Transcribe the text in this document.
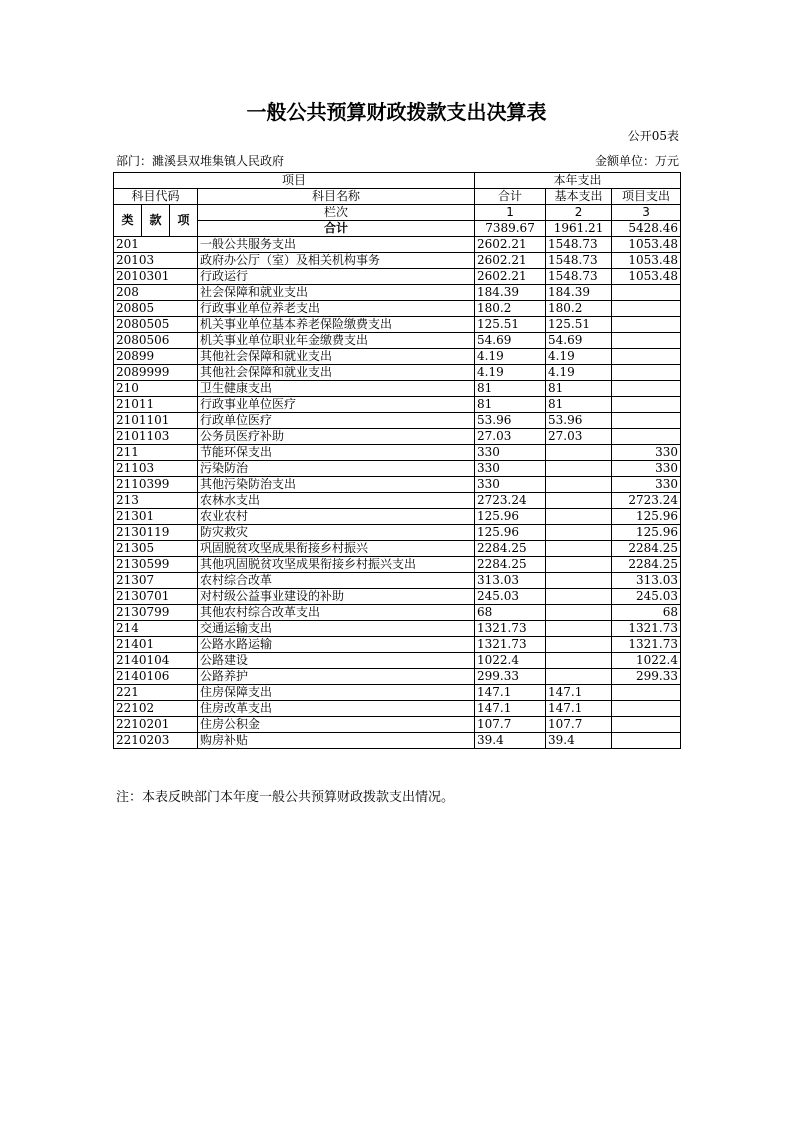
一般公共预算财政拨款支出决算表
公开05表
部门：濉溪县双堆集镇人民政府	金额单位：万元
项目				本年支出		
科目代码			科目名称	合计	基本支出	项目支出
类	款	项	栏次	1	2	3
			合计	7389.67	1961.21	5428.46
201			一般公共服务支出	2602.21	1548.73	1053.48
20103			政府办公厅（室）及相关机构事务	2602.21	1548.73	1053.48
2010301			行政运行	2602.21	1548.73	1053.48
208			社会保障和就业支出	184.39	184.39	
20805			行政事业单位养老支出	180.2	180.2	
2080505			机关事业单位基本养老保险缴费支出	125.51	125.51	
2080506			机关事业单位职业年金缴费支出	54.69	54.69	
20899			其他社会保障和就业支出	4.19	4.19	
2089999			其他社会保障和就业支出	4.19	4.19	
210			卫生健康支出	81	81	
21011			行政事业单位医疗	81	81	
2101101			行政单位医疗	53.96	53.96	
2101103			公务员医疗补助	27.03	27.03	
211			节能环保支出	330		330
21103			污染防治	330		330
2110399			其他污染防治支出	330		330
213			农林水支出	2723.24		2723.24
21301			农业农村	125.96		125.96
2130119			防灾救灾	125.96		125.96
21305			巩固脱贫攻坚成果衔接乡村振兴	2284.25		2284.25
2130599			其他巩固脱贫攻坚成果衔接乡村振兴支出	2284.25		2284.25
21307			农村综合改革	313.03		313.03
2130701			对村级公益事业建设的补助	245.03		245.03
2130799			其他农村综合改革支出	68		68
214			交通运输支出	1321.73		1321.73
21401			公路水路运输	1321.73		1321.73
2140104			公路建设	1022.4		1022.4
2140106			公路养护	299.33		299.33
221			住房保障支出	147.1	147.1	
22102			住房改革支出	147.1	147.1	
2210201			住房公积金	107.7	107.7	
2210203			购房补贴	39.4	39.4	
注：本表反映部门本年度一般公共预算财政拨款支出情况。
